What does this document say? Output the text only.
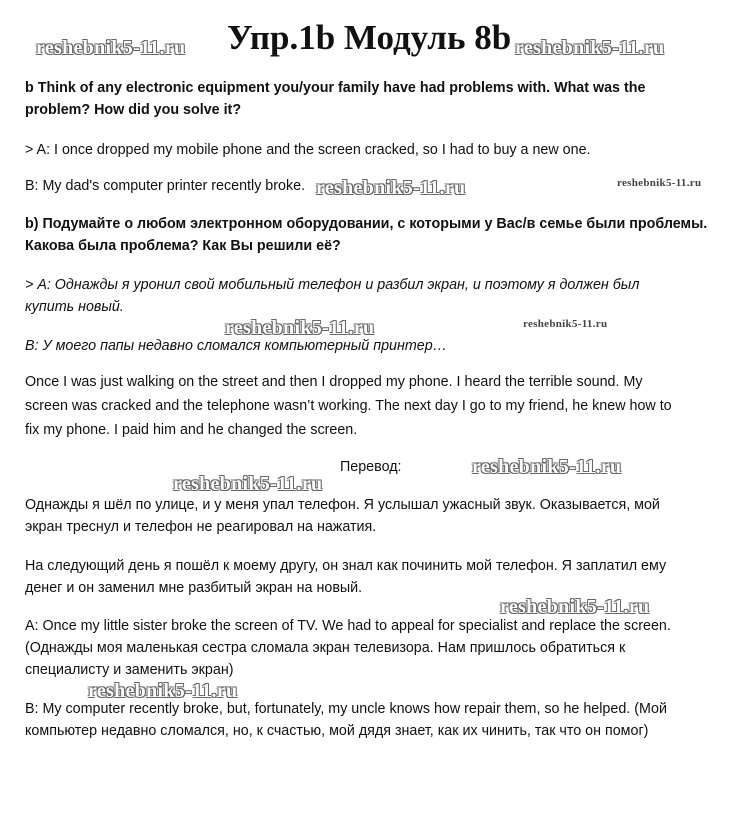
Упр.1b Модуль 8b
reshebnik5-11.ru	reshebnik5-11.ru
reshebnik5-11.ru	reshebnik5-11.ru
reshebnik5-11.ru	reshebnik5-11.ru
reshebnik5-11.ru
reshebnik5-11.ru
reshebnik5-11.ru
reshebnik5-11.ru
b Think of any electronic equipment you/your family have had problems with. What was the
problem? How did you solve it?
> A: I once dropped my mobile phone and the screen cracked, so I had to buy a new one.
B: My dad's computer printer recently broke.
b) Подумайте о любом электронном оборудовании, с которыми у Вас/в семье были проблемы.
Какова была проблема? Как Вы решили её?
> А: Однажды я уронил свой мобильный телефон и разбил экран, и поэтому я должен был
купить новый.
В: У моего папы недавно сломался компьютерный принтер…
Once I was just walking on the street and then I dropped my phone. I heard the terrible sound. My
screen was cracked and the telephone wasn’t working. The next day I go to my friend, he knew how to
fix my phone. I paid him and he changed the screen.
Перевод:
Однажды я шёл по улице, и у меня упал телефон. Я услышал ужасный звук. Оказывается, мой
экран треснул и телефон не реагировал на нажатия.
На следующий день я пошёл к моему другу, он знал как починить мой телефон. Я заплатил ему
денег и он заменил мне разбитый экран на новый.
A: Once my little sister broke the screen of TV. We had to appeal for specialist and replace the screen.
(Однажды моя маленькая сестра сломала экран телевизора. Нам пришлось обратиться к
специалисту и заменить экран)
B: My computer recently broke, but, fortunately, my uncle knows how repair them, so he helped. (Мой
компьютер недавно сломался, но, к счастью, мой дядя знает, как их чинить, так что он помог)
